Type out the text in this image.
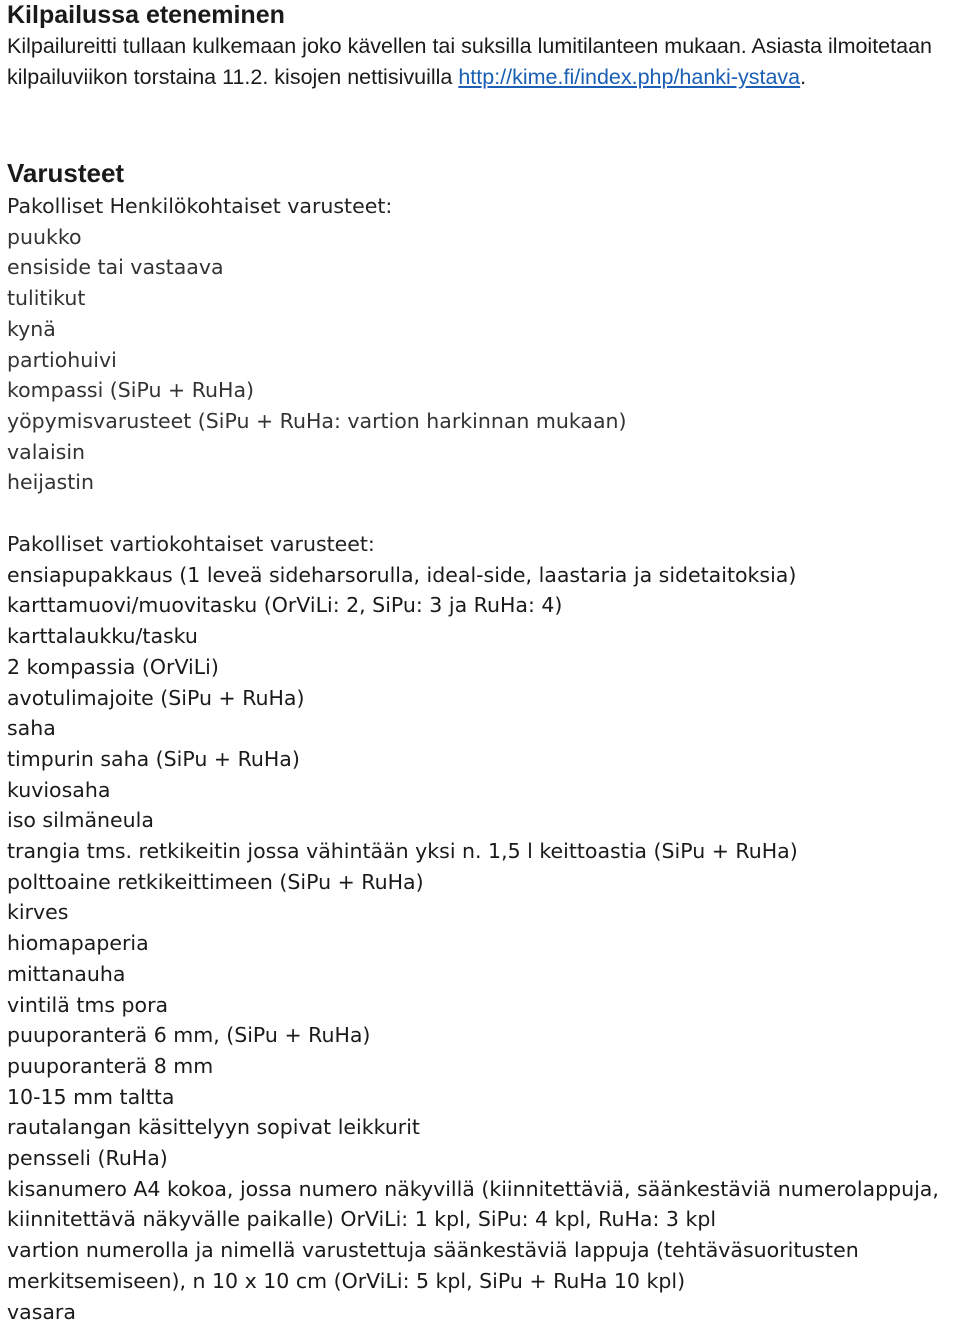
Kilpailussa eteneminen

Kilpailureitti tullaan kulkemaan joko kävellen tai suksilla lumitilanteen mukaan. Asiasta ilmoitetaan kilpailuviikon torstaina 11.2. kisojen nettisivuilla http://kime.fi/index.php/hanki-ystava.

Varusteet
Pakolliset Henkilökohtaiset varusteet:
puukko
ensiside tai vastaava
tulitikut
kynä
partiohuivi
kompassi (SiPu + RuHa)
yöpymisvarusteet (SiPu + RuHa: vartion harkinnan mukaan)
valaisin
heijastin
Pakolliset vartiokohtaiset varusteet:
ensiapupakkaus (1 leveä sideharsorulla, ideal-side, laastaria ja sidetaitoksia)
karttamuovi/muovitasku (OrViLi: 2, SiPu: 3 ja RuHa: 4)
karttalaukku/tasku
2 kompassia (OrViLi)
avotulimajoite (SiPu + RuHa)
saha
timpurin saha (SiPu + RuHa)
kuviosaha
iso silmäneula
trangia tms. retkikeitin jossa vähintään yksi n. 1,5 l keittoastia (SiPu + RuHa)
polttoaine retkikeittimeen (SiPu + RuHa)
kirves
hiomapaperia
mittanauha
vintilä tms pora
puuporanterä 6 mm, (SiPu + RuHa)
puuporanterä 8 mm
10-15 mm taltta
rautalangan käsittelyyn sopivat leikkurit
pensseli (RuHa)
kisanumero A4 kokoa, jossa numero näkyvillä (kiinnitettäviä, säänkestäviä numerolappuja, kiinnitettävä näkyvälle paikalle) OrViLi: 1 kpl, SiPu: 4 kpl, RuHa: 3 kpl
vartion numerolla ja nimellä varustettuja säänkestäviä lappuja (tehtäväsuoritusten merkitsemiseen), n 10 x 10 cm (OrViLi: 5 kpl, SiPu + RuHa 10 kpl)
vasara
